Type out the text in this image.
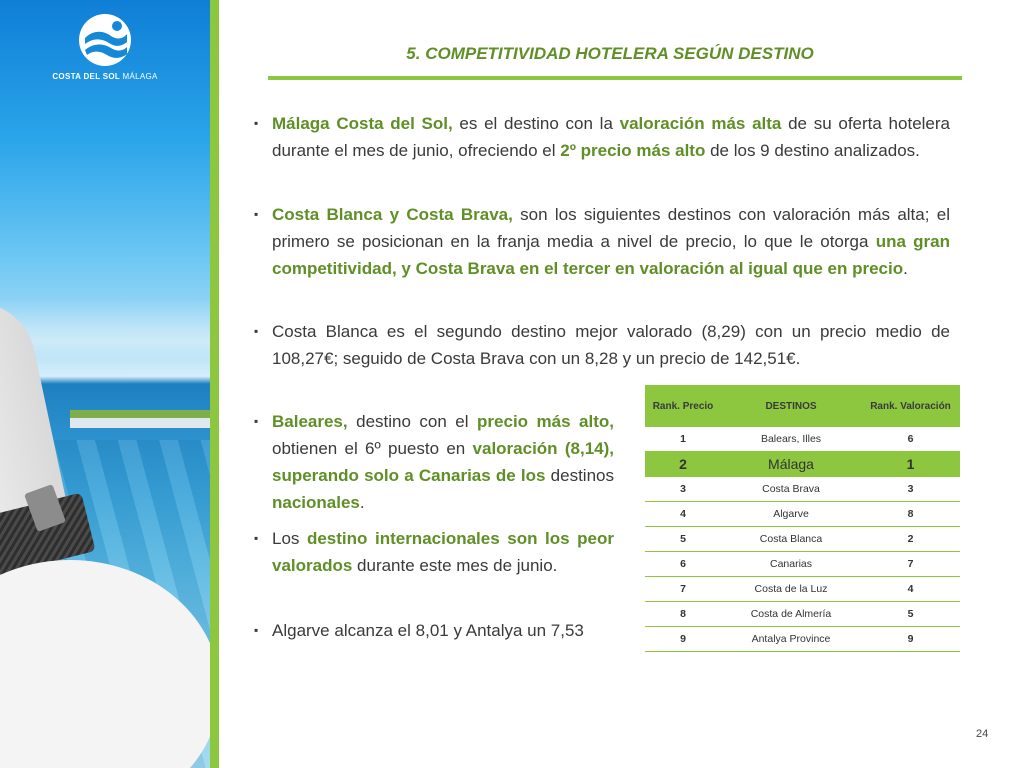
COSTA DEL SOL MÁLAGA
5. COMPETITIVIDAD HOTELERA SEGÚN DESTINO
▪ Málaga Costa del Sol, es el destino con la valoración más alta de su oferta hotelera durante el mes de junio, ofreciendo el 2º precio más alto de los 9 destino analizados.
▪ Costa Blanca y Costa Brava, son los siguientes destinos con valoración más alta; el primero se posicionan en la franja media a nivel de precio, lo que le otorga una gran competitividad, y Costa Brava en el tercer en valoración al igual que en precio.
▪ Costa Blanca es el segundo destino mejor valorado (8,29) con un precio medio de 108,27€; seguido de Costa Brava con un 8,28 y un precio de 142,51€.
▪ Baleares, destino con el precio más alto, obtienen el 6º puesto en valoración (8,14), superando solo a Canarias de los destinos nacionales.
▪ Los destino internacionales son los peor valorados durante este mes de junio.
▪ Algarve alcanza el 8,01 y Antalya un 7,53
Rank. Precio	DESTINOS	Rank. Valoración
1	Balears, Illes	6
2	Málaga	1
3	Costa Brava	3
4	Algarve	8
5	Costa Blanca	2
6	Canarias	7
7	Costa de la Luz	4
8	Costa de Almería	5
9	Antalya Province	9
24
